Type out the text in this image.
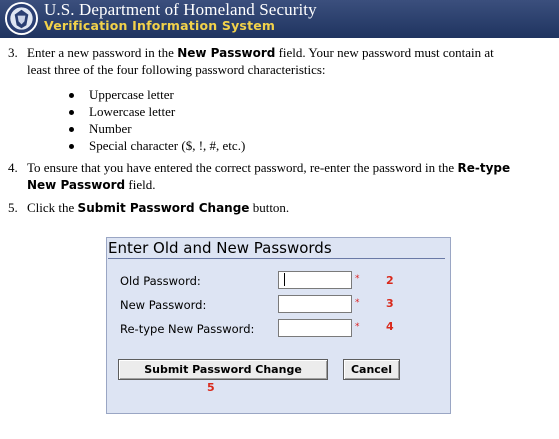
U.S. Department of Homeland Security
Verification Information System
3. Enter a new password in the New Password field. Your new password must contain at
least three of the four following password characteristics:
Uppercase letter
Lowercase letter
Number
Special character ($, !, #, etc.)
4. To ensure that you have entered the correct password, re-enter the password in the Re-type
New Password field.
5. Click the Submit Password Change button.
Enter Old and New Passwords
Old Password:	* 2
New Password:	* 3
Re-type New Password:	* 4
Submit Password Change
5
Cancel
